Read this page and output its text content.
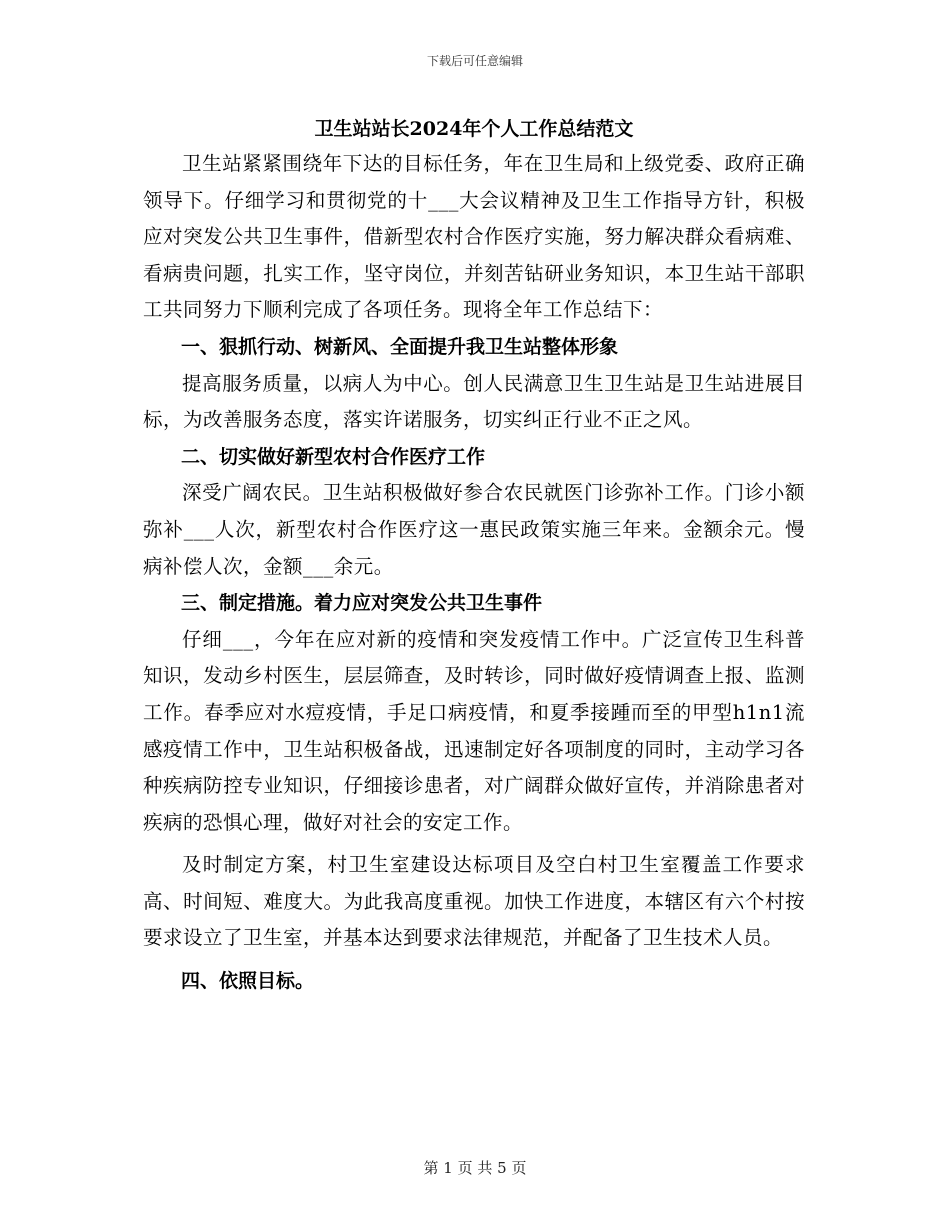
下载后可任意编辑
卫生站站长2024年个人工作总结范文

卫生站紧紧围绕年下达的目标任务，年在卫生局和上级党委、政府正确领导下。仔细学习和贯彻党的十___大会议精神及卫生工作指导方针，积极应对突发公共卫生事件，借新型农村合作医疗实施，努力解决群众看病难、看病贵问题，扎实工作，坚守岗位，并刻苦钻研业务知识，本卫生站干部职工共同努力下顺利完成了各项任务。现将全年工作总结下：

一、狠抓行动、树新风、全面提升我卫生站整体形象

提高服务质量，以病人为中心。创人民满意卫生卫生站是卫生站进展目标，为改善服务态度，落实许诺服务，切实纠正行业不正之风。

二、切实做好新型农村合作医疗工作

深受广阔农民。卫生站积极做好参合农民就医门诊弥补工作。门诊小额弥补___人次，新型农村合作医疗这一惠民政策实施三年来。金额余元。慢病补偿人次，金额___余元。

三、制定措施。着力应对突发公共卫生事件

仔细___，今年在应对新的疫情和突发疫情工作中。广泛宣传卫生科普知识，发动乡村医生，层层筛查，及时转诊，同时做好疫情调查上报、监测工作。春季应对水痘疫情，手足口病疫情，和夏季接踵而至的甲型h1n1流感疫情工作中，卫生站积极备战，迅速制定好各项制度的同时，主动学习各种疾病防控专业知识，仔细接诊患者，对广阔群众做好宣传，并消除患者对疾病的恐惧心理，做好对社会的安定工作。

及时制定方案，村卫生室建设达标项目及空白村卫生室覆盖工作要求高、时间短、难度大。为此我高度重视。加快工作进度，本辖区有六个村按要求设立了卫生室，并基本达到要求法律规范，并配备了卫生技术人员。

四、依照目标。

第 1 页 共 5 页
